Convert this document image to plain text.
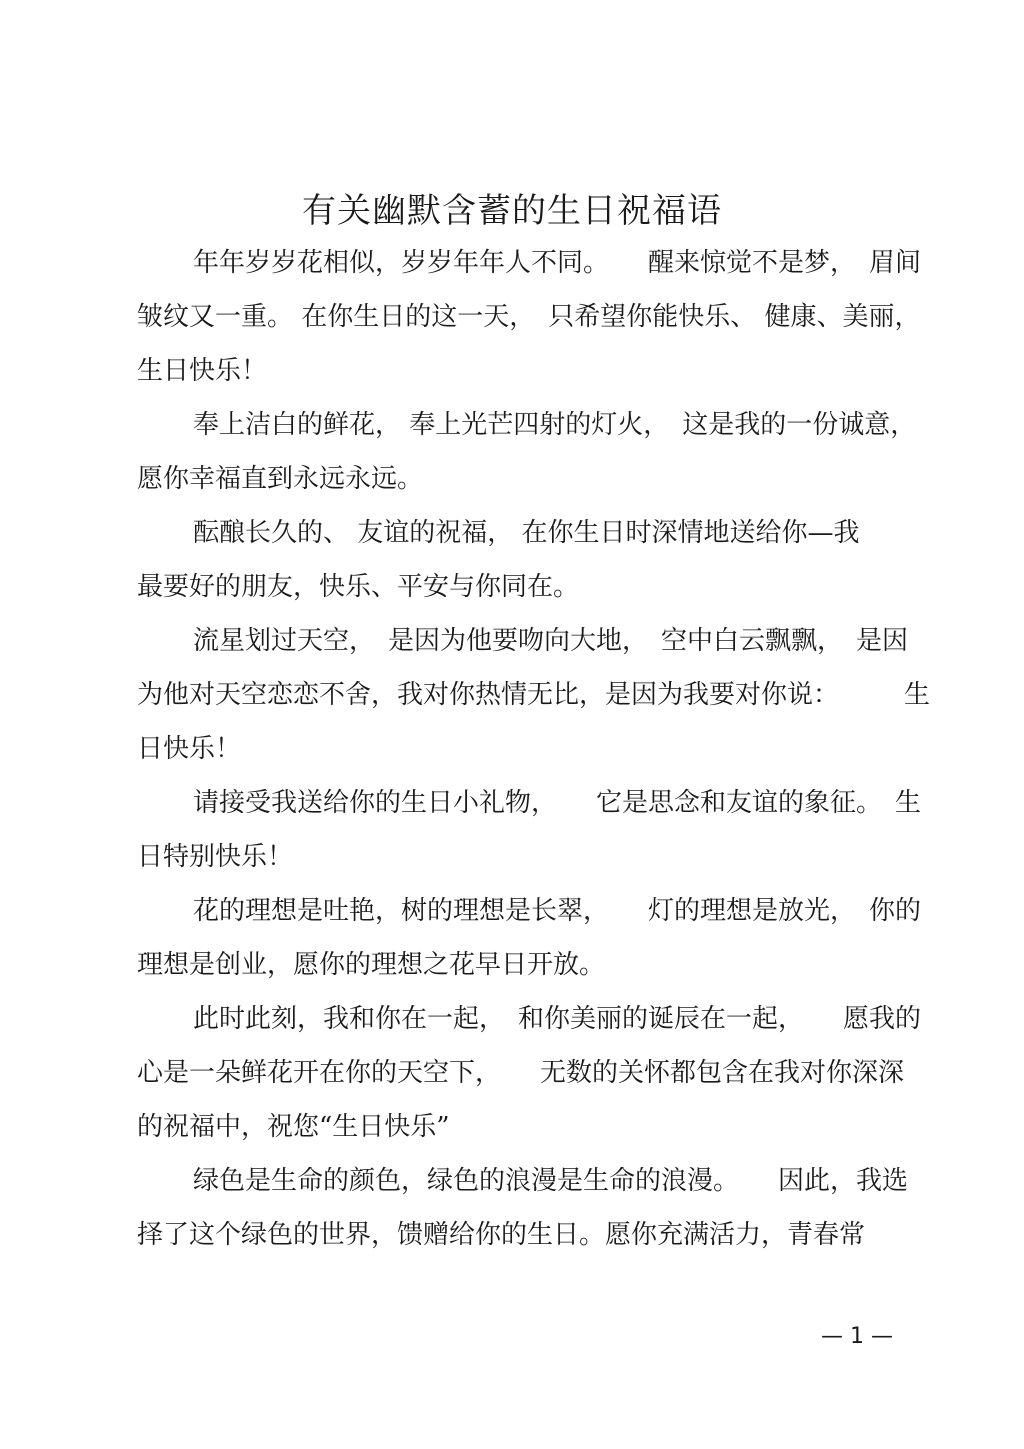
有关幽默含蓄的生日祝福语
年年岁岁花相似，岁岁年年人不同。　　醒来惊觉不是梦，　眉间
皱纹又一重。 在你生日的这一天，　只希望你能快乐、 健康、美丽，
生日快乐！
奉上洁白的鲜花， 奉上光芒四射的灯火，　这是我的一份诚意，
愿你幸福直到永远永远。
酝酿长久的、 友谊的祝福， 在你生日时深情地送给你—我
最要好的朋友，快乐、平安与你同在。
流星划过天空，　是因为他要吻向大地，　空中白云飘飘，　是因
为他对天空恋恋不舍，我对你热情无比，是因为我要对你说：　　　生
日快乐！
请接受我送给你的生日小礼物，　　它是思念和友谊的象征。　生
日特别快乐！
花的理想是吐艳，树的理想是长翠，　　灯的理想是放光，　你的
理想是创业，愿你的理想之花早日开放。
此时此刻，我和你在一起，　和你美丽的诞辰在一起，　　愿我的
心是一朵鲜花开在你的天空下，　　无数的关怀都包含在我对你深深
的祝福中，祝您“生日快乐”
绿色是生命的颜色，绿色的浪漫是生命的浪漫。　　因此，我选
择了这个绿色的世界，馈赠给你的生日。愿你充满活力，青春常
— 1 —
